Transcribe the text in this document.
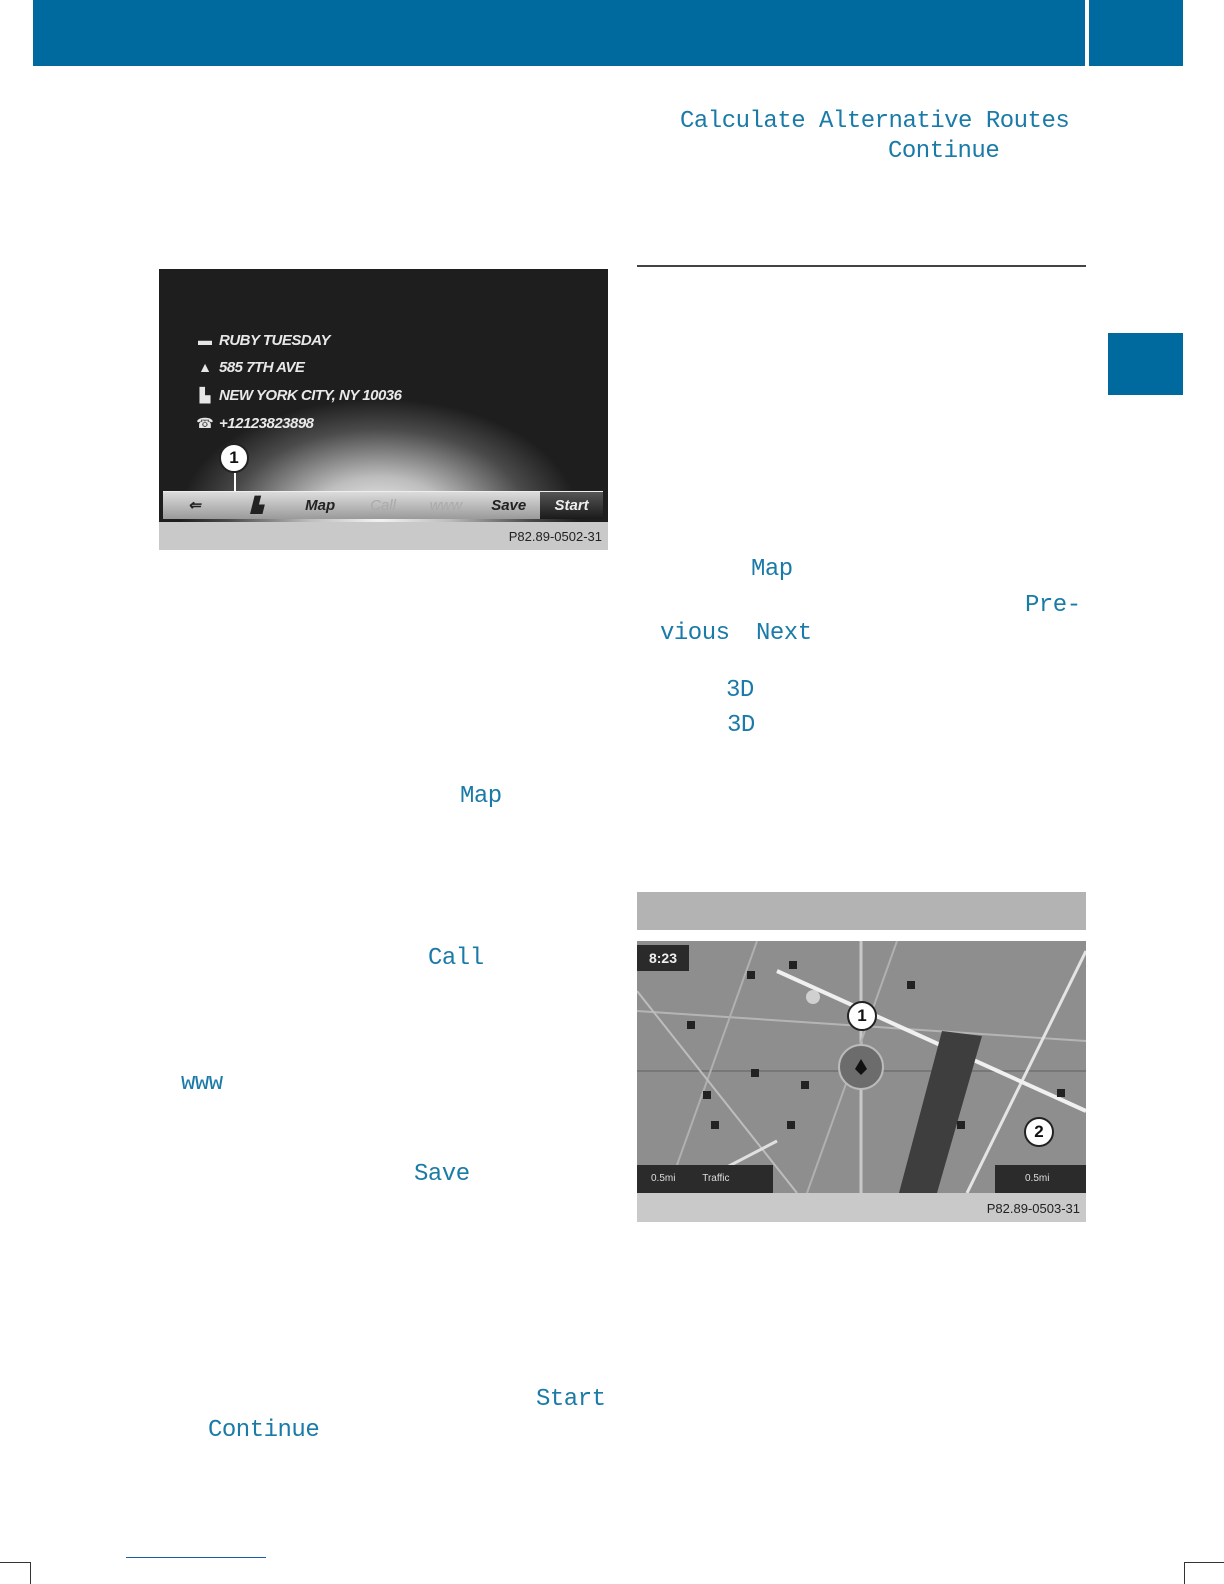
Calculate Alternative Routes
Continue
▬ RUBY TUESDAY
▲ 585 7TH AVE
▙ NEW YORK CITY, NY 10036
☎ +12123823898
1
⇐	▙	Map	Call	www	Save	Start
P82.89-0502-31
Map
Call
www
Save
Start
Continue
Map
Pre‐
vious Next
3D
3D
8:23
1
2
0.5mi	Traffic	0.5mi
P82.89-0503-31
